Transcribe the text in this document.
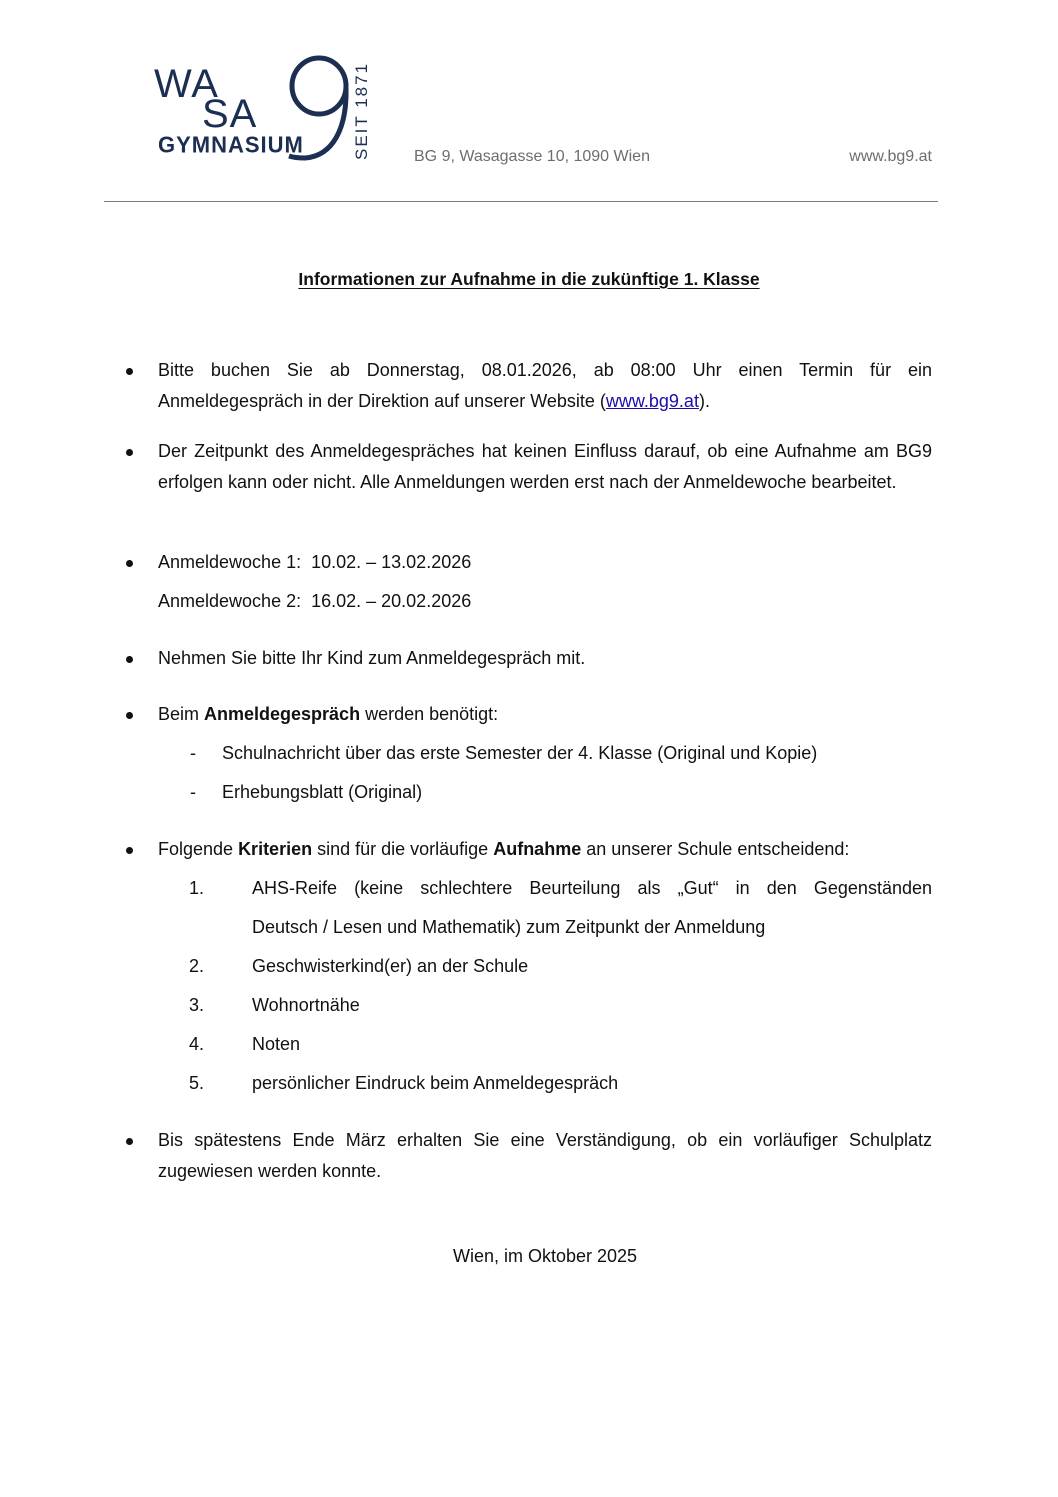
WA
SA
GYMNASIUM	SEIT 1871	BG 9, Wasagasse 10, 1090 Wien	www.bg9.at
Informationen zur Aufnahme in die zukünftige 1. Klasse
Bitte buchen Sie ab Donnerstag, 08.01.2026, ab 08:00 Uhr einen Termin für ein Anmeldegespräch in der Direktion auf unserer Website (www.bg9.at).
Der Zeitpunkt des Anmeldegespräches hat keinen Einfluss darauf, ob eine Aufnahme am BG9 erfolgen kann oder nicht. Alle Anmeldungen werden erst nach der Anmeldewoche bearbeitet.
Anmeldewoche 1:  10.02. – 13.02.2026
Anmeldewoche 2:  16.02. – 20.02.2026
Nehmen Sie bitte Ihr Kind zum Anmeldegespräch mit.
Beim Anmeldegespräch werden benötigt:
- Schulnachricht über das erste Semester der 4. Klasse (Original und Kopie)
- Erhebungsblatt (Original)
Folgende Kriterien sind für die vorläufige Aufnahme an unserer Schule entscheidend:
1.	AHS-Reife (keine schlechtere Beurteilung als „Gut“ in den Gegenständen
Deutsch / Lesen und Mathematik) zum Zeitpunkt der Anmeldung
2.	Geschwisterkind(er) an der Schule
3.	Wohnortnähe
4.	Noten
5.	persönlicher Eindruck beim Anmeldegespräch
Bis spätestens Ende März erhalten Sie eine Verständigung, ob ein vorläufiger Schulplatz zugewiesen werden konnte.
Wien, im Oktober 2025
